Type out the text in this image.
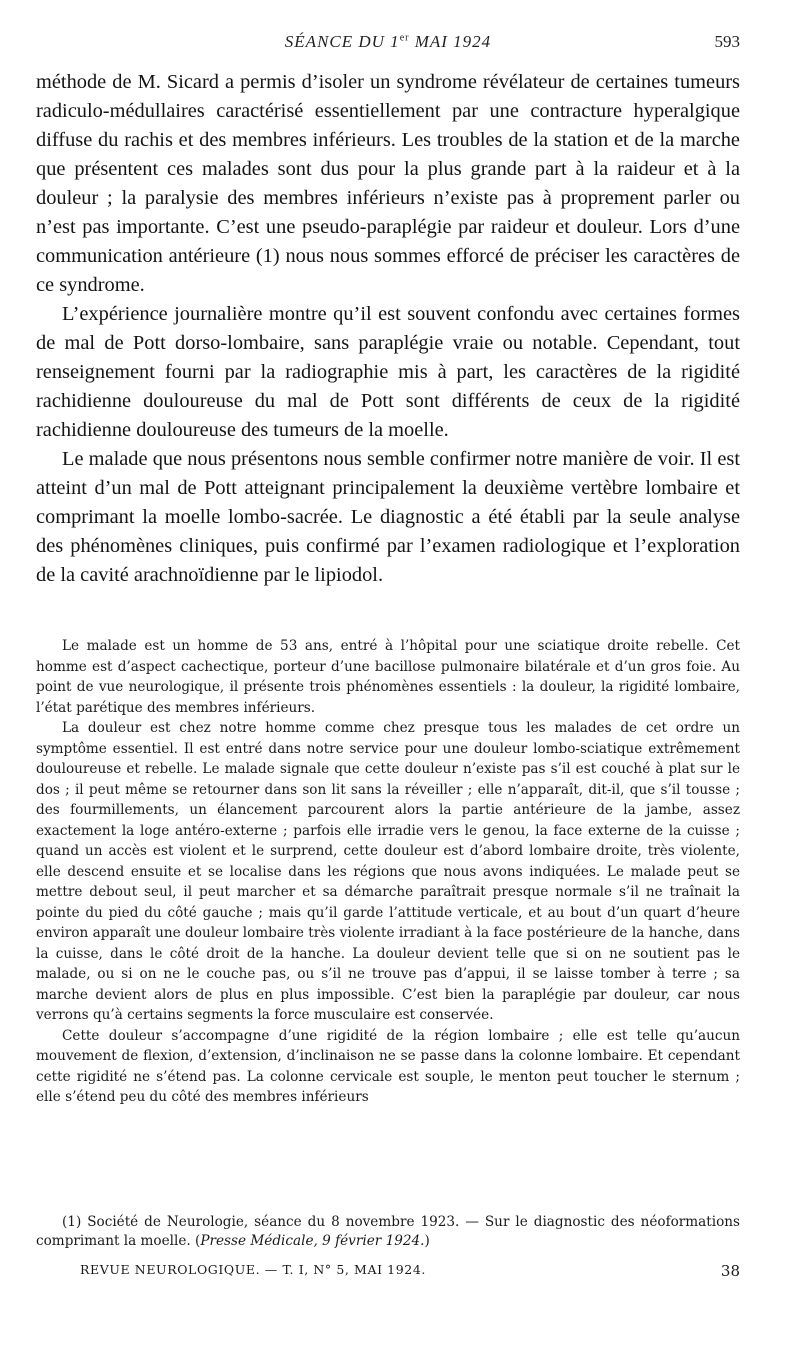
SÉANCE DU 1er MAI 1924	593

méthode de M. Sicard a permis d’isoler un syndrome révélateur de certaines tumeurs radiculo-médullaires caractérisé essentiellement par une contracture hyperalgique diffuse du rachis et des membres inférieurs. Les troubles de la station et de la marche que présentent ces malades sont dus pour la plus grande part à la raideur et à la douleur ; la paralysie des membres inférieurs n’existe pas à proprement parler ou n’est pas importante. C’est une pseudo-paraplégie par raideur et douleur. Lors d’une communication antérieure (1) nous nous sommes efforcé de préciser les caractères de ce syndrome.

L’expérience journalière montre qu’il est souvent confondu avec certaines formes de mal de Pott dorso-lombaire, sans paraplégie vraie ou notable. Cependant, tout renseignement fourni par la radiographie mis à part, les caractères de la rigidité rachidienne douloureuse du mal de Pott sont différents de ceux de la rigidité rachidienne douloureuse des tumeurs de la moelle.

Le malade que nous présentons nous semble confirmer notre manière de voir. Il est atteint d’un mal de Pott atteignant principalement la deuxième vertèbre lombaire et comprimant la moelle lombo-sacrée. Le diagnostic a été établi par la seule analyse des phénomènes cliniques, puis confirmé par l’examen radiologique et l’exploration de la cavité arachnoïdienne par le lipiodol.

Le malade est un homme de 53 ans, entré à l’hôpital pour une sciatique droite rebelle. Cet homme est d’aspect cachectique, porteur d’une bacillose pulmonaire bilatérale et d’un gros foie. Au point de vue neurologique, il présente trois phénomènes essentiels : la douleur, la rigidité lombaire, l’état parétique des membres inférieurs.

La douleur est chez notre homme comme chez presque tous les malades de cet ordre un symptôme essentiel. Il est entré dans notre service pour une douleur lombo-sciatique extrêmement douloureuse et rebelle. Le malade signale que cette douleur n’existe pas s’il est couché à plat sur le dos ; il peut même se retourner dans son lit sans la réveiller ; elle n’apparaît, dit-il, que s’il tousse ; des fourmillements, un élancement parcourent alors la partie antérieure de la jambe, assez exactement la loge antéro-externe ; parfois elle irradie vers le genou, la face externe de la cuisse ; quand un accès est violent et le surprend, cette douleur est d’abord lombaire droite, très violente, elle descend ensuite et se localise dans les régions que nous avons indiquées. Le malade peut se mettre debout seul, il peut marcher et sa démarche paraîtrait presque normale s’il ne traînait la pointe du pied du côté gauche ; mais qu’il garde l’attitude verticale, et au bout d’un quart d’heure environ apparaît une douleur lombaire très violente irradiant à la face postérieure de la hanche, dans la cuisse, dans le côté droit de la hanche. La douleur devient telle que si on ne soutient pas le malade, ou si on ne le couche pas, ou s’il ne trouve pas d’appui, il se laisse tomber à terre ; sa marche devient alors de plus en plus impossible. C’est bien la paraplégie par douleur, car nous verrons qu’à certains segments la force musculaire est conservée.

Cette douleur s’accompagne d’une rigidité de la région lombaire ; elle est telle qu’aucun mouvement de flexion, d’extension, d’inclinaison ne se passe dans la colonne lombaire. Et cependant cette rigidité ne s’étend pas. La colonne cervicale est souple, le menton peut toucher le sternum ; elle s’étend peu du côté des membres inférieurs

(1) Société de Neurologie, séance du 8 novembre 1923. — Sur le diagnostic des néoformations comprimant la moelle. (Presse Médicale, 9 février 1924.)
REVUE NEUROLOGIQUE. — T. I, N° 5, MAI 1924.	38
